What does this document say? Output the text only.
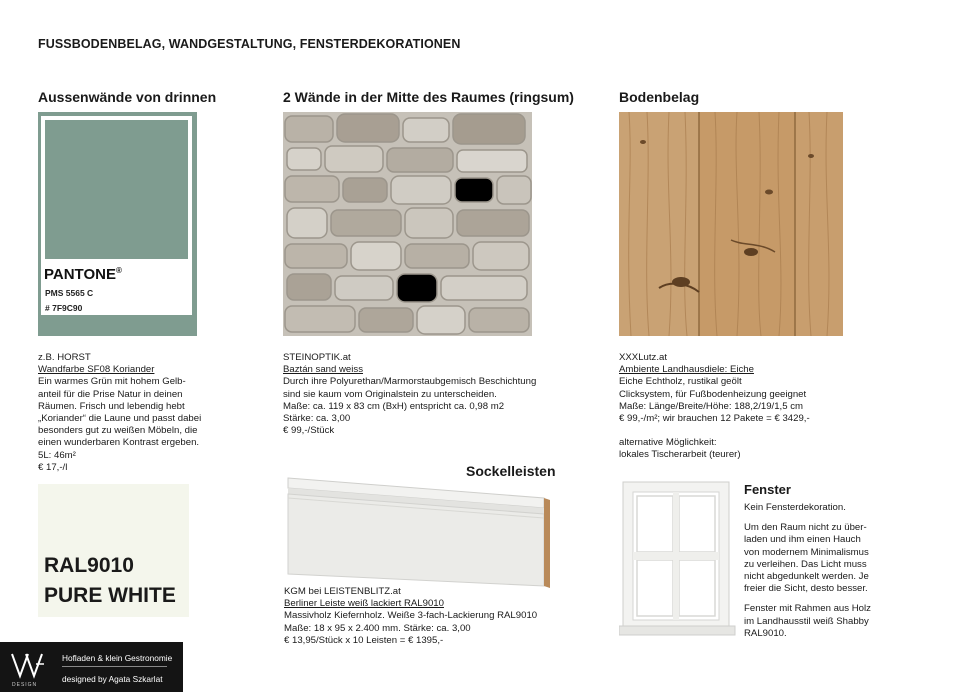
FUSSBODENBELAG, WANDGESTALTUNG, FENSTERDEKORATIONEN
Aussenwände von drinnen	2 Wände in der Mitte des Raumes (ringsum)	Bodenbelag
PANTONE®
PMS 5565 C
# 7F9C90
z.B. HORST
Wandfarbe SF08 Koriander
Ein warmes Grün mit hohem Gelb-
anteil für die Prise Natur in deinen
Räumen. Frisch und lebendig hebt
„Koriander“ die Laune und passt dabei
besonders gut zu weißen Möbeln, die
einen wunderbaren Kontrast ergeben.
5L: 46m²
€ 17,-/l
RAL9010
PURE WHITE
STEINOPTIK.at
Baztán sand weiss
Durch ihre Polyurethan/Marmorstaubgemisch Beschichtung
sind sie kaum vom Originalstein zu unterscheiden.
Maße: ca. 119 x 83 cm (BxH) entspricht ca. 0,98 m2
Stärke: ca. 3,00
€ 99,-/Stück
XXXLutz.at
Ambiente Landhausdiele: Eiche
Eiche Echtholz, rustikal geölt
Clicksystem, für Fußbodenheizung geeignet
Maße: Länge/Breite/Höhe: 188,2/19/1,5 cm
€ 99,-/m²; wir brauchen 12 Pakete = € 3429,-
alternative Möglichkeit:
lokales Tischerarbeit (teurer)
Sockelleisten
KGM bei LEISTENBLITZ.at
Berliner Leiste weiß lackiert RAL9010
Massivholz Kiefernholz. Weiße 3-fach-Lackierung RAL9010
Maße: 18 x 95 x 2.400 mm. Stärke: ca. 3,00
€ 13,95/Stück x 10 Leisten = € 1395,-
Fenster
Kein Fensterdekoration.
Um den Raum nicht zu über-
laden und ihm einen Hauch
von modernem Minimalismus
zu verleihen. Das Licht muss
nicht abgedunkelt werden. Je
freier die Sicht, desto besser.
Fenster mit Rahmen aus Holz
im Landhausstil weiß Shabby
RAL9010.
DESIGN
Hofladen & klein Gestronomie
designed by Agata Szkarlat
